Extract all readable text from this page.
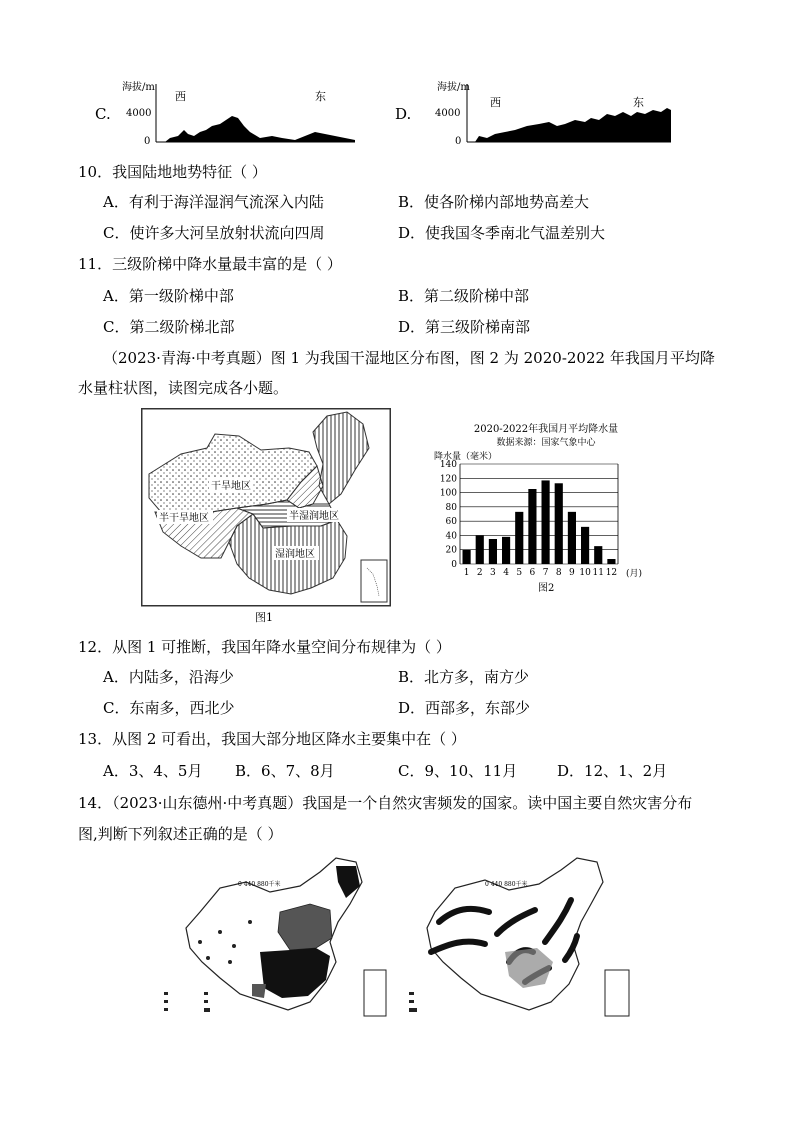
C.
海拔/m
西	东
4000
0
D.
海拔/m
西	东
4000
0
10．我国陆地地势特征（ ）
A．有利于海洋湿润气流深入内陆	B．使各阶梯内部地势高差大
C．使许多大河呈放射状流向四周	D．使我国冬季南北气温差别大
11．三级阶梯中降水量最丰富的是（ ）
A．第一级阶梯中部	B．第二级阶梯中部
C．第二级阶梯北部	D．第三级阶梯南部
（2023·青海·中考真题）图 1 为我国干湿地区分布图，图 2 为 2020-2022 年我国月平均降
水量柱状图，读图完成各小题。
干旱地区
半干旱地区	半湿润地区
湿润地区
图1
2020-2022年我国月平均降水量
数据来源：国家气象中心
降水量（毫米）
(月)
图2
1 2 3 4 5 6 7 8 9 10 11 12
0
20
40
60
80
100
120
140
12．从图 1 可推断，我国年降水量空间分布规律为（ ）
A．内陆多，沿海少	B．北方多，南方少
C．东南多，西北少	D．西部多，东部少
13．从图 2 可看出，我国大部分地区降水主要集中在（ ）
A．3、4、5月 B．6、7、8月	C．9、10、11月	D．12、1、2月
14．（2023·山东德州·中考真题）我国是一个自然灾害频发的国家。读中国主要自然灾害分布
图,判断下列叙述正确的是（ ）
0 440 880千米	0 440 880千米
